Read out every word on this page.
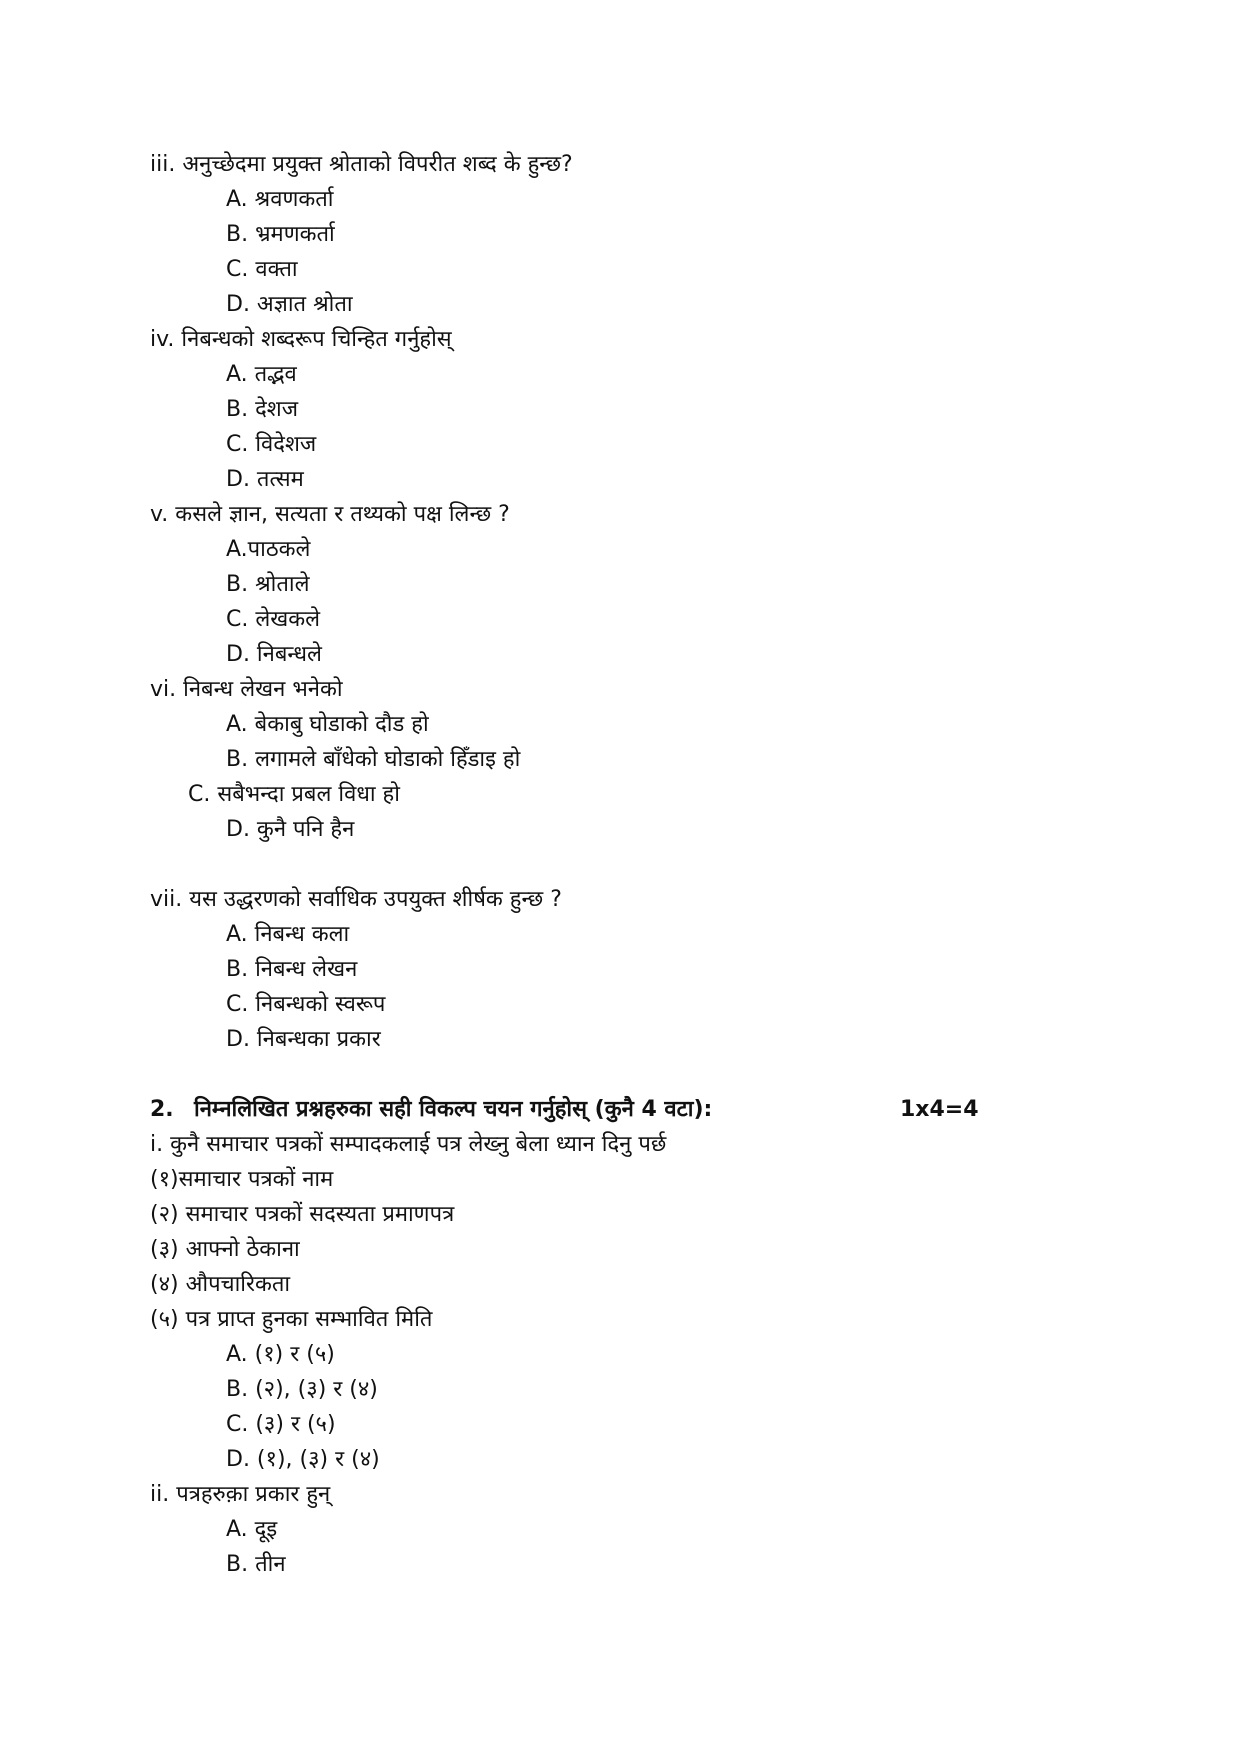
iii. अनुच्छेदमा प्रयुक्त श्रोताको विपरीत शब्द के हुन्छ?
A. श्रवणकर्ता
B. भ्रमणकर्ता
C. वक्ता
D. अज्ञात श्रोता
iv. निबन्धको शब्दरूप चिन्हित गर्नुहोस्
A. तद्भव
B. देशज
C. विदेशज
D. तत्सम
v. कसले ज्ञान, सत्यता र तथ्यको पक्ष लिन्छ ?
A.पाठकले
B. श्रोताले
C. लेखकले
D. निबन्धले
vi. निबन्ध लेखन भनेको
A. बेकाबु घोडाको दौड हो
B. लगामले बाँधेको घोडाको हिँडाइ हो
C. सबैभन्दा प्रबल विधा हो
D. कुनै पनि हैन
vii. यस उद्धरणको सर्वाधिक उपयुक्त शीर्षक हुन्छ ?
A. निबन्ध कला
B. निबन्ध लेखन
C. निबन्धको स्वरूप
D. निबन्धका प्रकार
2. निम्नलिखित प्रश्नहरुका सही विकल्प चयन गर्नुहोस् (कुनै 4 वटा):	1x4=4
i. कुनै समाचार पत्रकों सम्पादकलाई पत्र लेख्नु बेला ध्यान दिनु पर्छ
(१)समाचार पत्रकों नाम
(२) समाचार पत्रकों सदस्यता प्रमाणपत्र
(३) आफ्नो ठेकाना
(४) औपचारिकता
(५) पत्र प्राप्त हुनका सम्भावित मिति
A. (१) र (५)
B. (२), (३) र (४)
C. (३) र (५)
D. (१), (३) र (४)
ii. पत्रहरुक़ा प्रकार हुन्
A. दूइ
B. तीन
